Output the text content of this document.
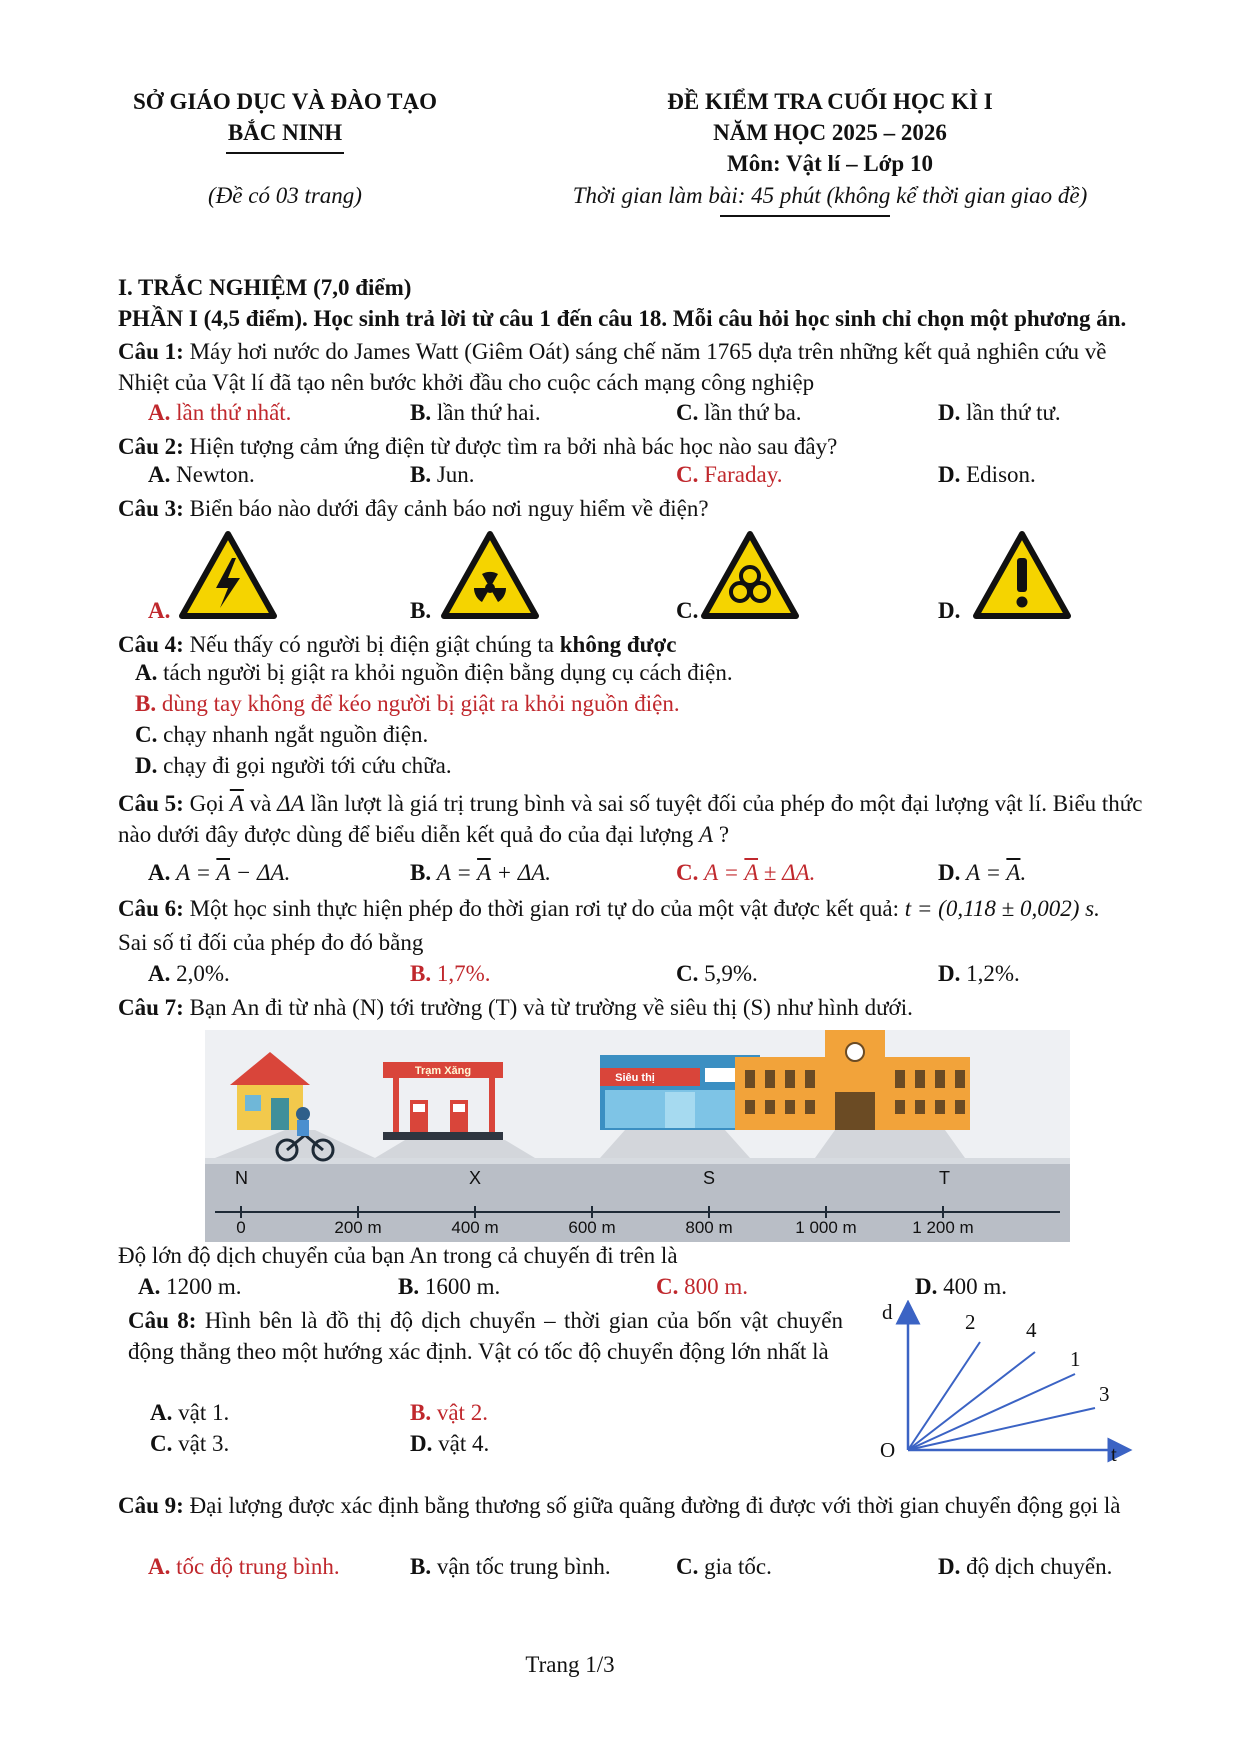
SỞ GIÁO DỤC VÀ ĐÀO TẠO
BẮC NINH
(Đề có 03 trang)
ĐỀ KIỂM TRA CUỐI HỌC KÌ I
NĂM HỌC 2025 – 2026
Môn: Vật lí – Lớp 10
Thời gian làm bài: 45 phút (không kể thời gian giao đề)
I. TRẮC NGHIỆM (7,0 điểm)
PHẦN I (4,5 điểm). Học sinh trả lời từ câu 1 đến câu 18. Mỗi câu hỏi học sinh chỉ chọn một phương án.
Câu 1: Máy hơi nước do James Watt (Giêm Oát) sáng chế năm 1765 dựa trên những kết quả nghiên cứu về Nhiệt của Vật lí đã tạo nên bước khởi đầu cho cuộc cách mạng công nghiệp
A. lần thứ nhất.	B. lần thứ hai.	C. lần thứ ba.	D. lần thứ tư.
Câu 2: Hiện tượng cảm ứng điện từ được tìm ra bởi nhà bác học nào sau đây?
A. Newton.	B. Jun.	C. Faraday.	D. Edison.
Câu 3: Biển báo nào dưới đây cảnh báo nơi nguy hiểm về điện?
A.	B.	C.	D.
Câu 4: Nếu thấy có người bị điện giật chúng ta không được
A. tách người bị giật ra khỏi nguồn điện bằng dụng cụ cách điện.
B. dùng tay không để kéo người bị giật ra khỏi nguồn điện.
C. chạy nhanh ngắt nguồn điện.
D. chạy đi gọi người tới cứu chữa.
Câu 5: Gọi $\overline{A}$ và ΔA lần lượt là giá trị trung bình và sai số tuyệt đối của phép đo một đại lượng vật lí. Biểu thức nào dưới đây được dùng để biểu diễn kết quả đo của đại lượng A ?
A. $A = \overline{A} - \Delta A$.	B. $A = \overline{A} + \Delta A$.	C. $A = \overline{A} \pm \Delta A$.	D. $A = \overline{A}$.
Câu 6: Một học sinh thực hiện phép đo thời gian rơi tự do của một vật được kết quả: t = (0,118 ± 0,002) s.
Sai số tỉ đối của phép đo đó bằng
A. 2,0%.	B. 1,7%.	C. 5,9%.	D. 1,2%.
Câu 7: Bạn An đi từ nhà (N) tới trường (T) và từ trường về siêu thị (S) như hình dưới.
Trạm Xăng
Siêu thị
N	X	S	T
0	200 m	400 m	600 m	800 m	1 000 m	1 200 m
Độ lớn độ dịch chuyển của bạn An trong cả chuyến đi trên là
A. 1200 m.	B. 1600 m.	C. 800 m.	D. 400 m.
Câu 8: Hình bên là đồ thị độ dịch chuyển – thời gian của bốn vật chuyển động thẳng theo một hướng xác định. Vật có tốc độ chuyển động lớn nhất là
A. vật 1.	B. vật 2.
C. vật 3.	D. vật 4.
d
t
O
2 4
1
3
Câu 9: Đại lượng được xác định bằng thương số giữa quãng đường đi được với thời gian chuyển động gọi là
A. tốc độ trung bình.	B. vận tốc trung bình.	C. gia tốc.	D. độ dịch chuyển.
Trang 1/3
